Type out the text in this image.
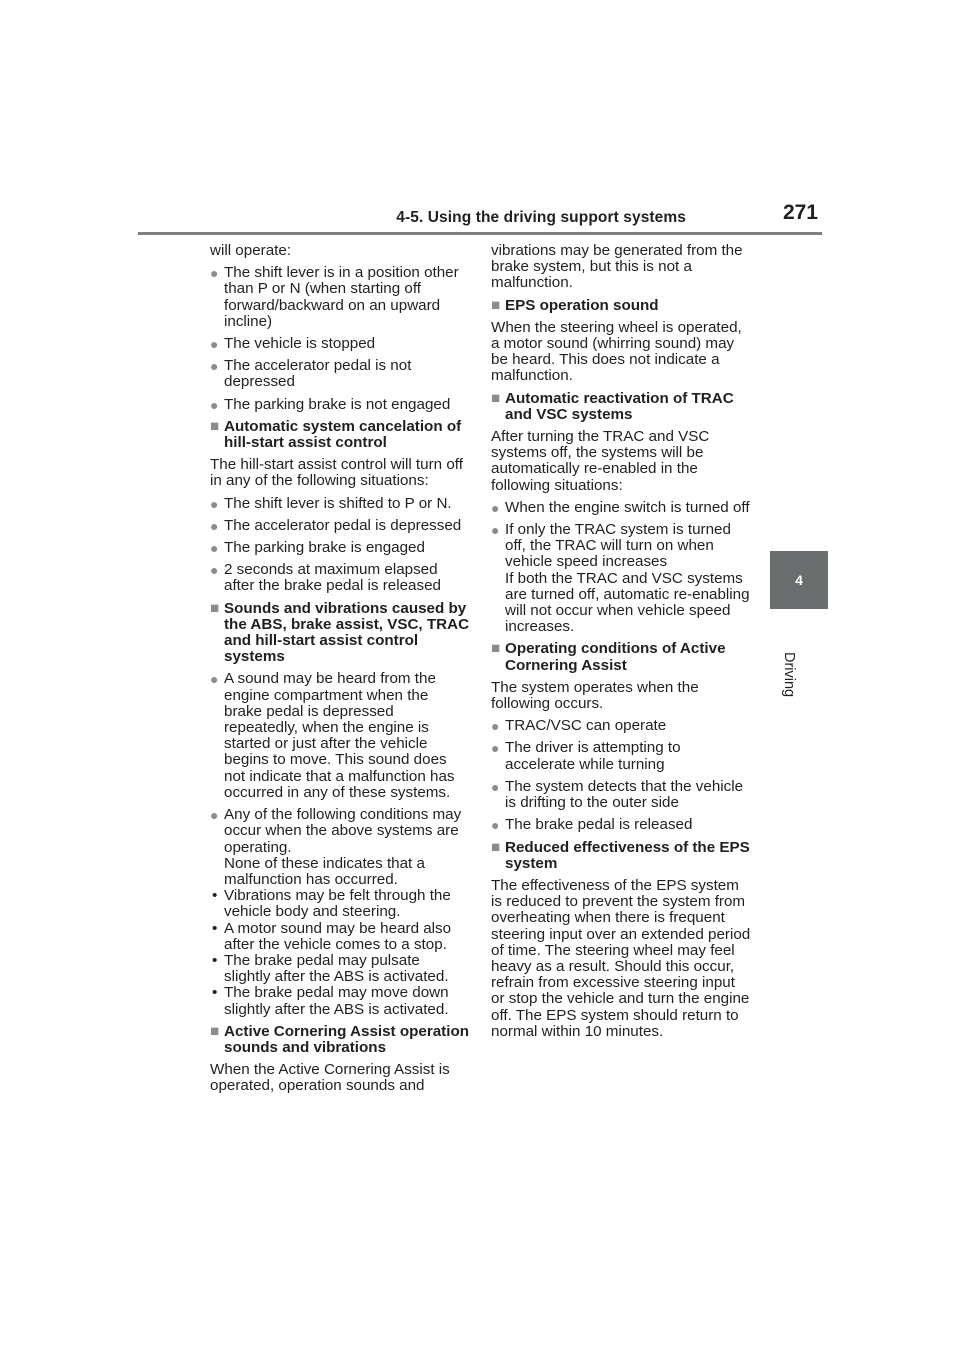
4-5. Using the driving support systems	271
4
Driving

will operate:

● The shift lever is in a position other than P or N (when starting off forward/backward on an upward incline)
● The vehicle is stopped
● The accelerator pedal is not depressed
● The parking brake is not engaged
■ Automatic system cancelation of hill-start assist control

The hill-start assist control will turn off in any of the following situations:

● The shift lever is shifted to P or N.
● The accelerator pedal is depressed
● The parking brake is engaged
● 2 seconds at maximum elapsed after the brake pedal is released
■ Sounds and vibrations caused by the ABS, brake assist, VSC, TRAC and hill-start assist control systems
● A sound may be heard from the engine compartment when the brake pedal is depressed repeatedly, when the engine is started or just after the vehicle begins to move. This sound does not indicate that a malfunction has occurred in any of these systems.
● Any of the following conditions may occur when the above systems are operating.
None of these indicates that a malfunction has occurred.
• Vibrations may be felt through the vehicle body and steering.
• A motor sound may be heard also after the vehicle comes to a stop.
• The brake pedal may pulsate slightly after the ABS is activated.
• The brake pedal may move down slightly after the ABS is activated.
■ Active Cornering Assist operation sounds and vibrations

When the Active Cornering Assist is operated, operation sounds and

vibrations may be generated from the brake system, but this is not a malfunction.

■ EPS operation sound

When the steering wheel is operated, a motor sound (whirring sound) may be heard. This does not indicate a malfunction.

■ Automatic reactivation of TRAC and VSC systems

After turning the TRAC and VSC systems off, the systems will be automatically re-enabled in the following situations:

● When the engine switch is turned off
● If only the TRAC system is turned off, the TRAC will turn on when vehicle speed increases
If both the TRAC and VSC systems are turned off, automatic re-enabling will not occur when vehicle speed increases.
■ Operating conditions of Active Cornering Assist

The system operates when the following occurs.

● TRAC/VSC can operate
● The driver is attempting to accelerate while turning
● The system detects that the vehicle is drifting to the outer side
● The brake pedal is released
■ Reduced effectiveness of the EPS system

The effectiveness of the EPS system is reduced to prevent the system from overheating when there is frequent steering input over an extended period of time. The steering wheel may feel heavy as a result. Should this occur, refrain from excessive steering input or stop the vehicle and turn the engine off. The EPS system should return to normal within 10 minutes.
